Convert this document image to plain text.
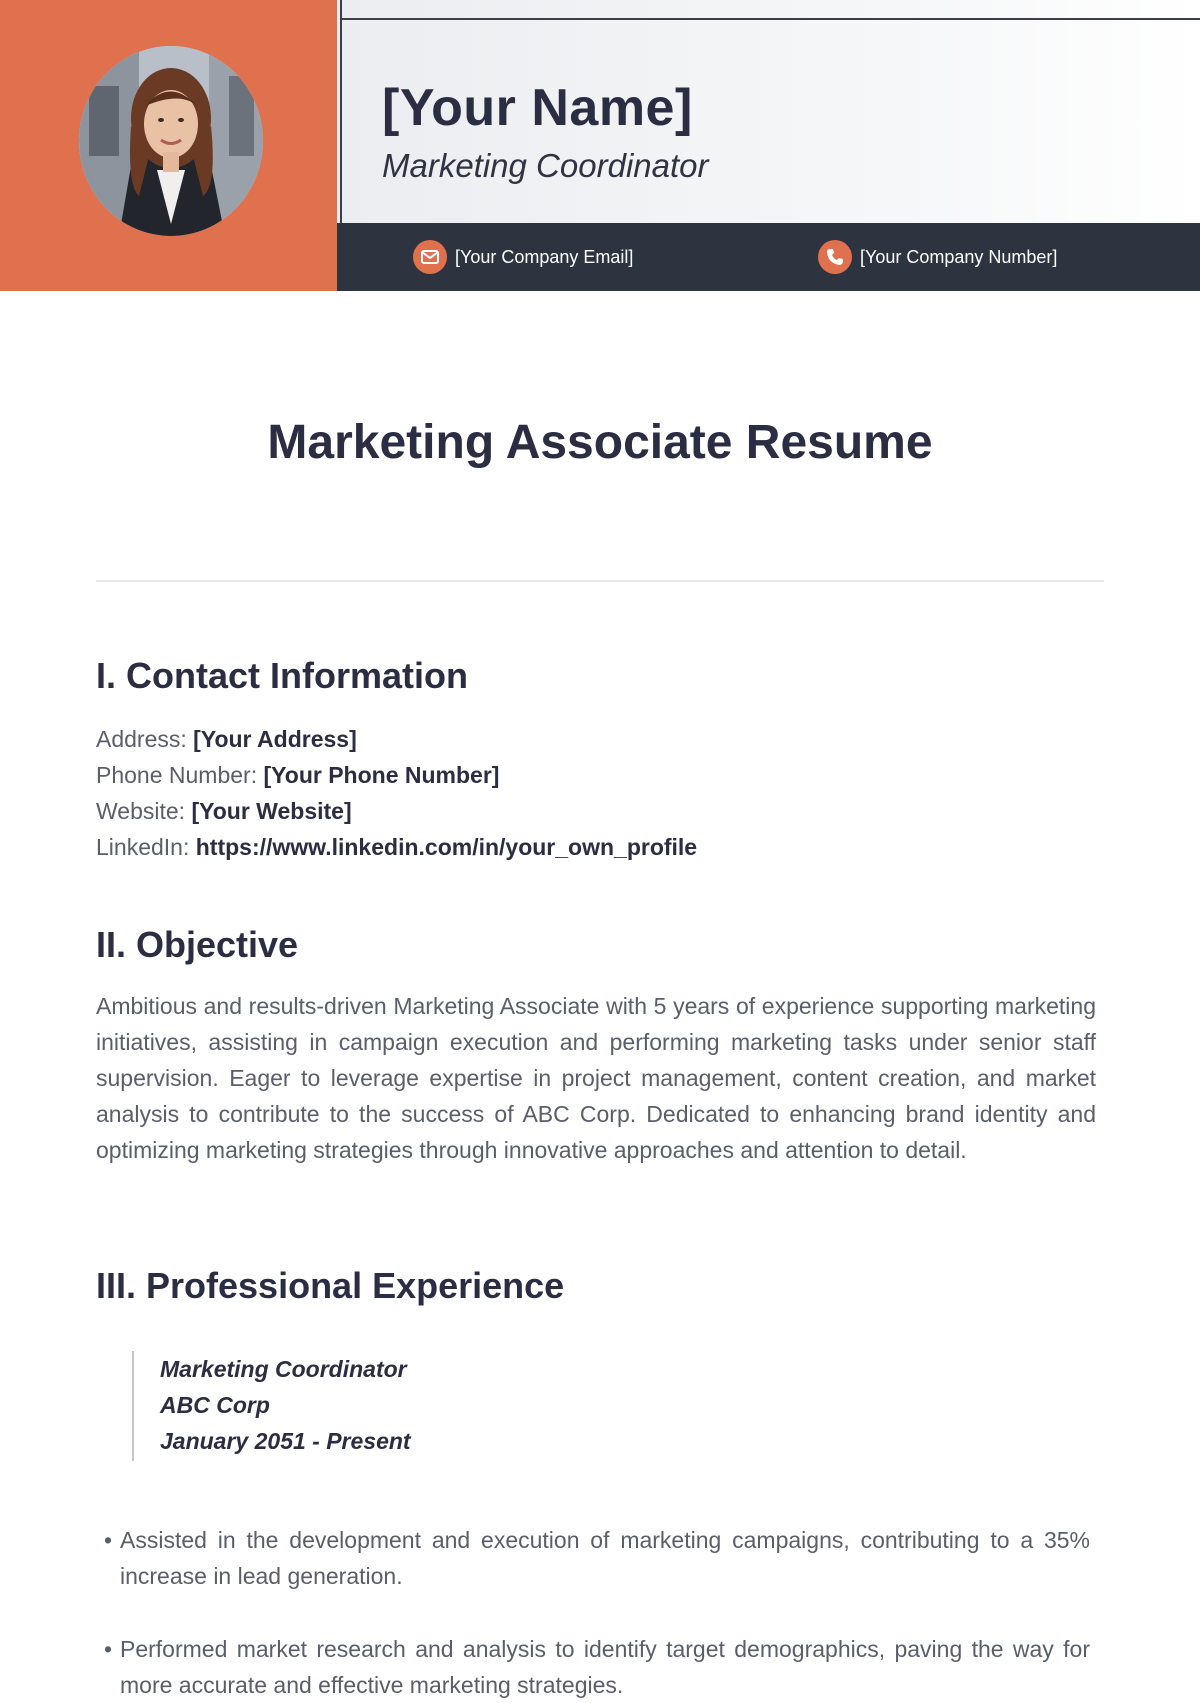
[Your Name]
Marketing Coordinator
[Your Company Email]	[Your Company Number]
Marketing Associate Resume
I. Contact Information
Address: [Your Address]
Phone Number: [Your Phone Number]
Website: [Your Website]
LinkedIn: https://www.linkedin.com/in/your_own_profile
II. Objective
Ambitious and results-driven Marketing Associate with 5 years of experience supporting marketing initiatives, assisting in campaign execution and performing marketing tasks under senior staff supervision. Eager to leverage expertise in project management, content creation, and market analysis to contribute to the success of ABC Corp. Dedicated to enhancing brand identity and optimizing marketing strategies through innovative approaches and attention to detail.
III. Professional Experience
Marketing Coordinator
ABC Corp
January 2051 - Present
• Assisted in the development and execution of marketing campaigns, contributing to a 35% increase in lead generation.
• Performed market research and analysis to identify target demographics, paving the way for more accurate and effective marketing strategies.
